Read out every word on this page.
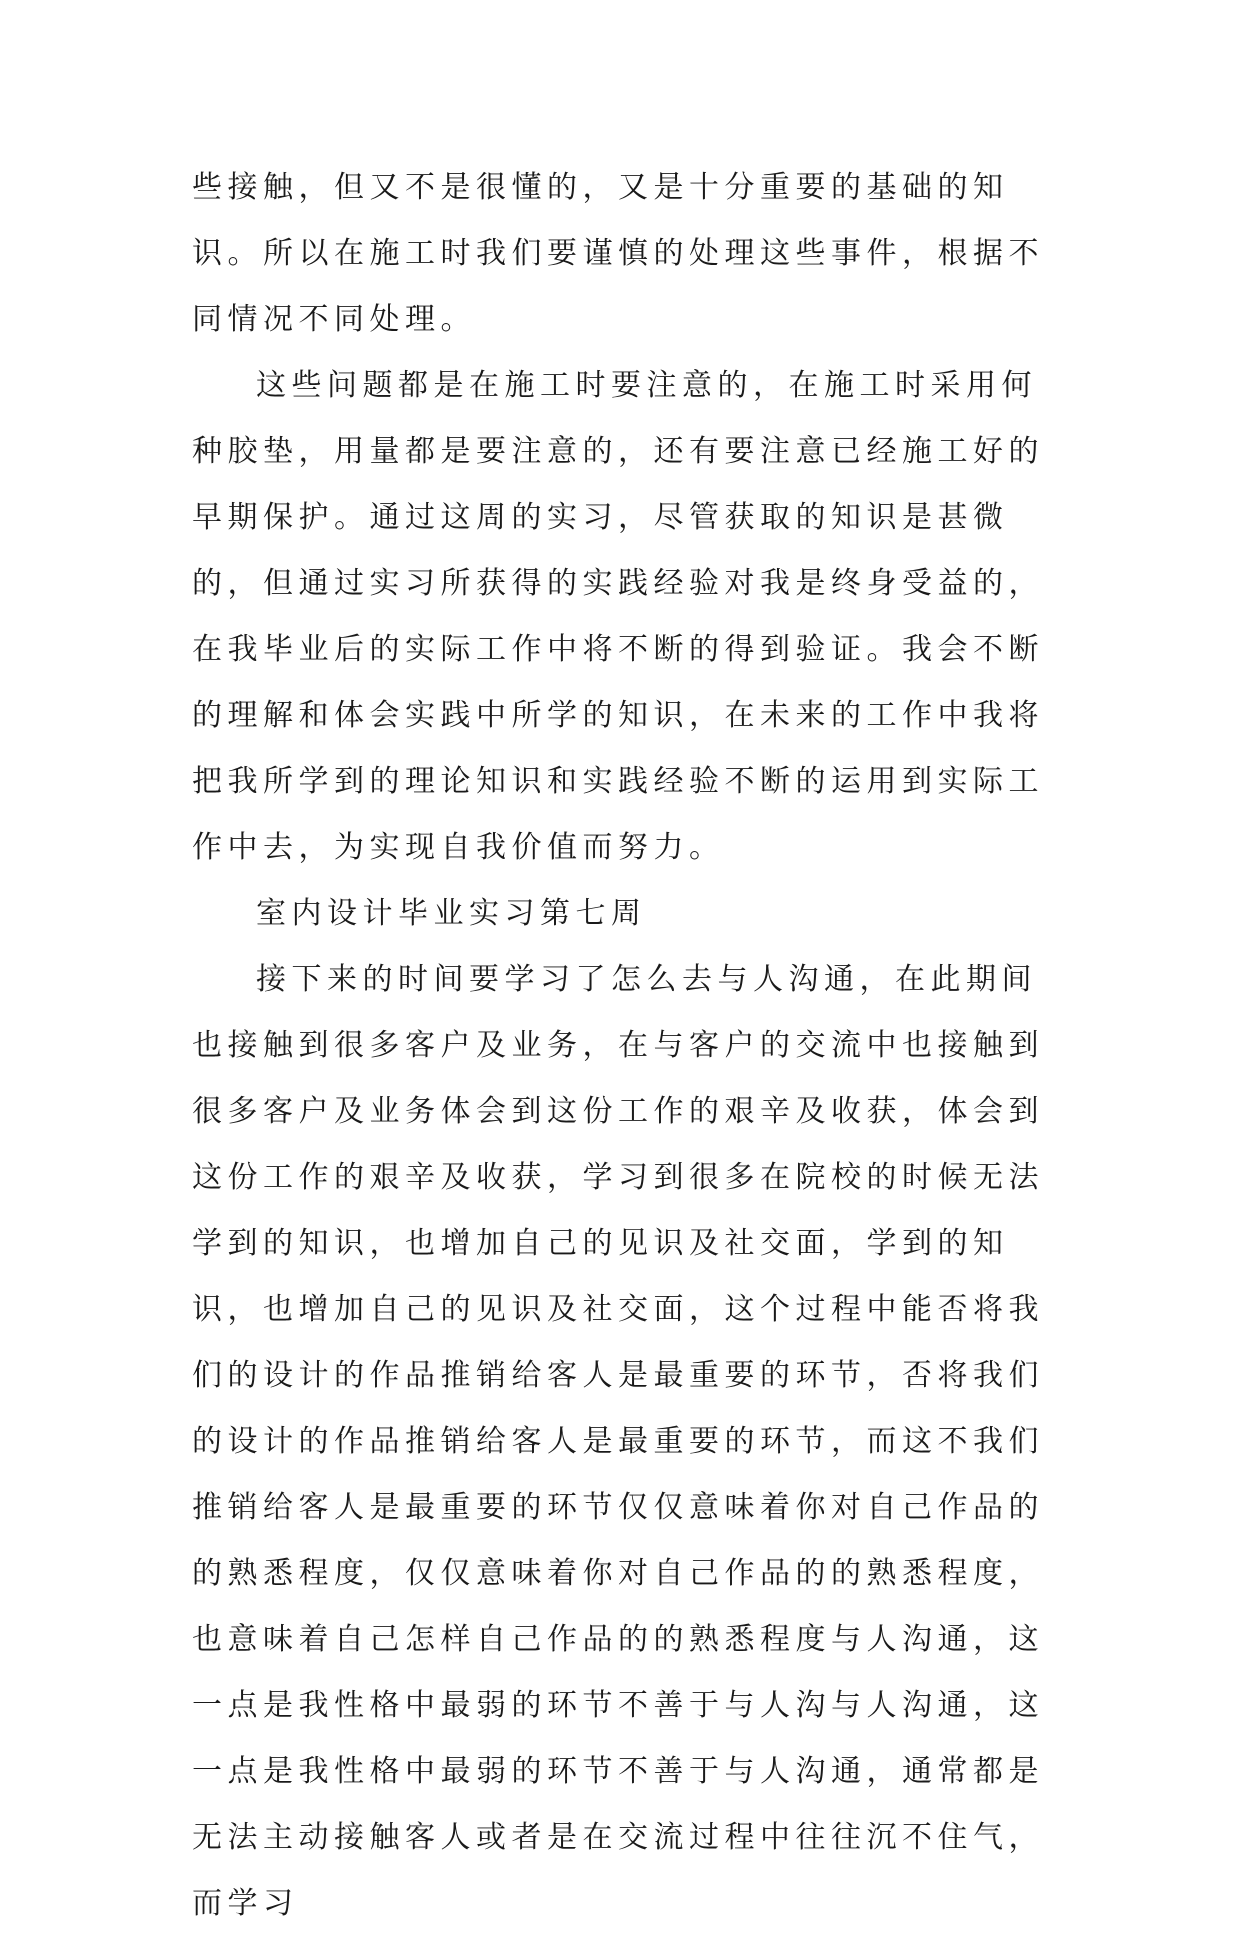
些接触，但又不是很懂的，又是十分重要的基础的知识。所以在施工时我们要谨慎的处理这些事件，根据不同情况不同处理。

这些问题都是在施工时要注意的，在施工时采用何种胶垫，用量都是要注意的，还有要注意已经施工好的早期保护。通过这周的实习，尽管获取的知识是甚微的，但通过实习所获得的实践经验对我是终身受益的，在我毕业后的实际工作中将不断的得到验证。我会不断的理解和体会实践中所学的知识，在未来的工作中我将把我所学到的理论知识和实践经验不断的运用到实际工作中去，为实现自我价值而努力。

室内设计毕业实习第七周

接下来的时间要学习了怎么去与人沟通，在此期间也接触到很多客户及业务，在与客户的交流中也接触到很多客户及业务体会到这份工作的艰辛及收获，体会到这份工作的艰辛及收获，学习到很多在院校的时候无法学到的知识，也增加自己的见识及社交面，学到的知识，也增加自己的见识及社交面，这个过程中能否将我们的设计的作品推销给客人是最重要的环节，否将我们的设计的作品推销给客人是最重要的环节，而这不我们推销给客人是最重要的环节仅仅意味着你对自己作品的的熟悉程度，仅仅意味着你对自己作品的的熟悉程度，也意味着自己怎样自己作品的的熟悉程度与人沟通，这一点是我性格中最弱的环节不善于与人沟与人沟通，这一点是我性格中最弱的环节不善于与人沟通，通常都是无法主动接触客人或者是在交流过程中往往沉不住气，而学习
